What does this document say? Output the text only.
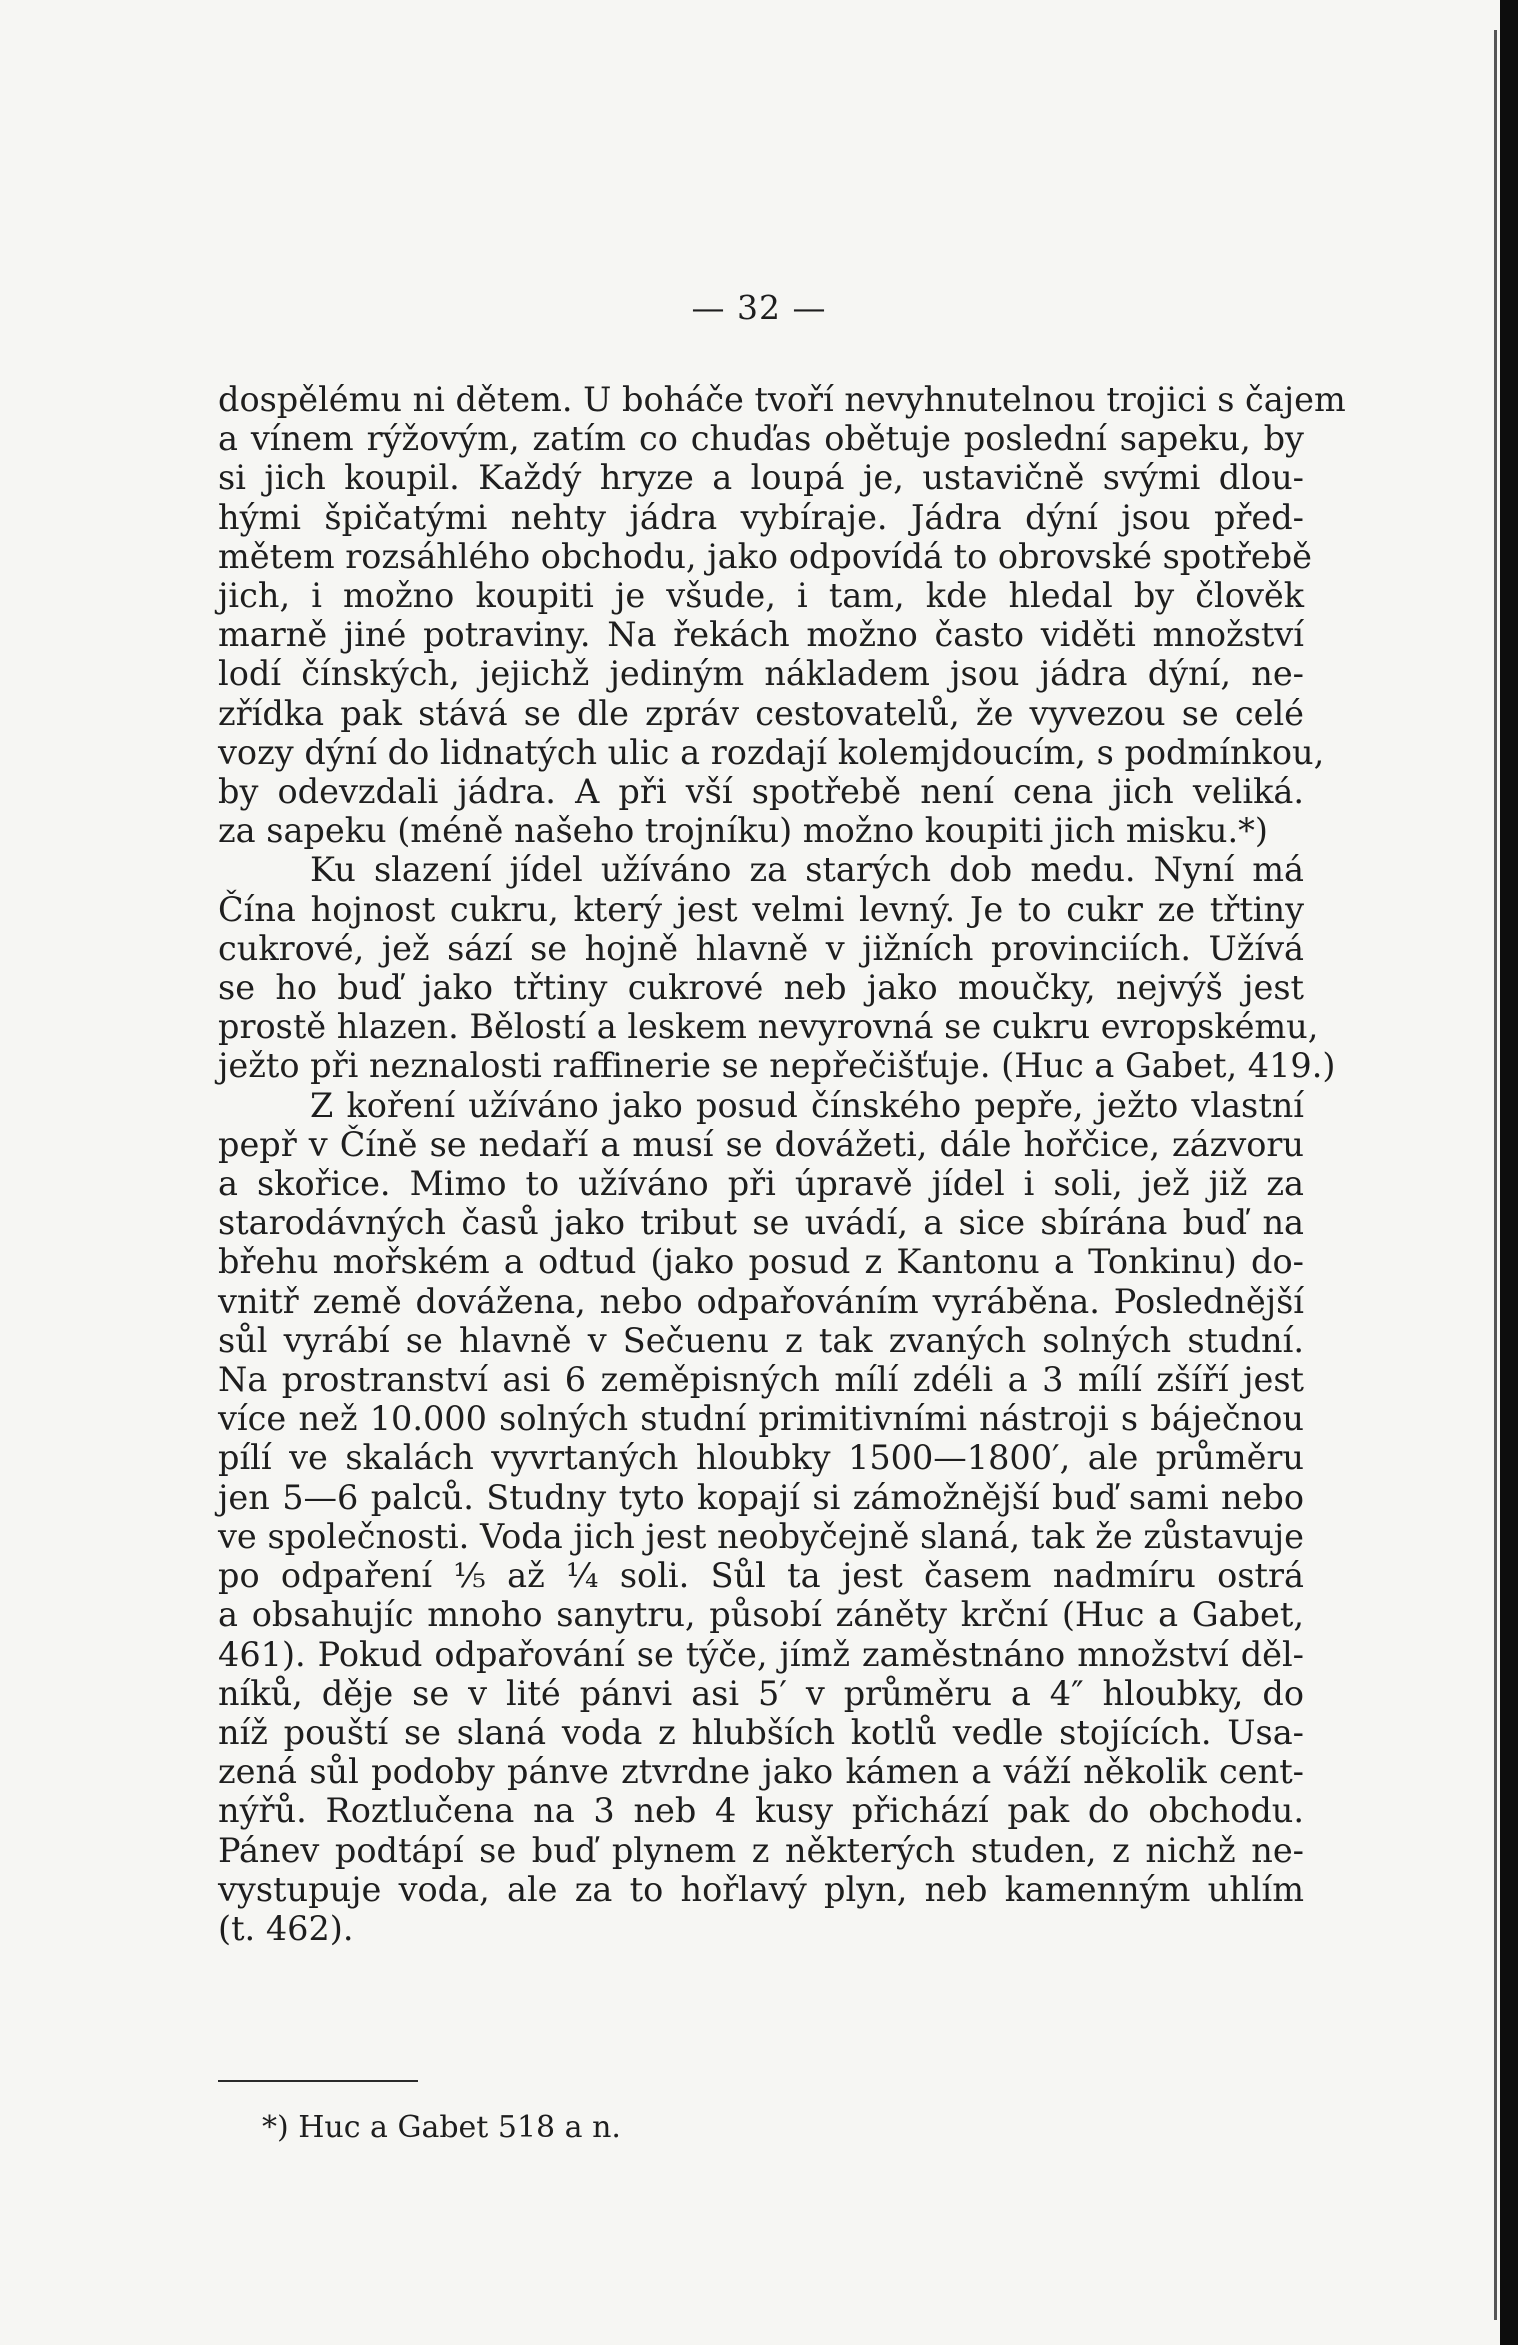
— 32 —

dospělému ni dětem. U boháče tvoří nevyhnutelnou trojici s čajem
a vínem rýžovým, zatím co chuďas obětuje poslední sapeku, by
si jich koupil. Každý hryze a loupá je, ustavičně svými dlou-
hými špičatými nehty jádra vybíraje. Jádra dýní jsou před-
mětem rozsáhlého obchodu, jako odpovídá to obrovské spotřebě
jich, i možno koupiti je všude, i tam, kde hledal by člověk
marně jiné potraviny. Na řekách možno často viděti množství
lodí čínských, jejichž jediným nákladem jsou jádra dýní, ne-
zřídka pak stává se dle zpráv cestovatelů, že vyvezou se celé
vozy dýní do lidnatých ulic a rozdají kolemjdoucím, s podmínkou,
by odevzdali jádra. A při vší spotřebě není cena jich veliká.
za sapeku (méně našeho trojníku) možno koupiti jich misku.*)

Ku slazení jídel užíváno za starých dob medu. Nyní má
Čína hojnost cukru, který jest velmi levný. Je to cukr ze třtiny
cukrové, jež sází se hojně hlavně v jižních provinciích. Užívá
se ho buď jako třtiny cukrové neb jako moučky, nejvýš jest
prostě hlazen. Bělostí a leskem nevyrovná se cukru evropskému,
ježto při neznalosti raffinerie se nepřečišťuje. (Huc a Gabet, 419.)

Z koření užíváno jako posud čínského pepře, ježto vlastní
pepř v Číně se nedaří a musí se dovážeti, dále hořčice, zázvoru
a skořice. Mimo to užíváno při úpravě jídel i soli, jež již za
starodávných časů jako tribut se uvádí, a sice sbírána buď na
břehu mořském a odtud (jako posud z Kantonu a Tonkinu) do-
vnitř země dovážena, nebo odpařováním vyráběna. Poslednější
sůl vyrábí se hlavně v Sečuenu z tak zvaných solných studní.
Na prostranství asi 6 zeměpisných mílí zdéli a 3 mílí zšíří jest
více než 10.000 solných studní primitivními nástroji s báječnou
pílí ve skalách vyvrtaných hloubky 1500—1800′, ale průměru
jen 5—6 palců. Studny tyto kopají si zámožnější buď sami nebo
ve společnosti. Voda jich jest neobyčejně slaná, tak že zůstavuje
po odpaření ⅕ až ¼ soli. Sůl ta jest časem nadmíru ostrá
a obsahujíc mnoho sanytru, působí záněty krční (Huc a Gabet,
461). Pokud odpařování se týče, jímž zaměstnáno množství děl-
níků, děje se v lité pánvi asi 5′ v průměru a 4″ hloubky, do
níž pouští se slaná voda z hlubších kotlů vedle stojících. Usa-
zená sůl podoby pánve ztvrdne jako kámen a váží několik cent-
nýřů. Roztlučena na 3 neb 4 kusy přichází pak do obchodu.
Pánev podtápí se buď plynem z některých studen, z nichž ne-
vystupuje voda, ale za to hořlavý plyn, neb kamenným uhlím
(t. 462).

*) Huc a Gabet 518 a n.
